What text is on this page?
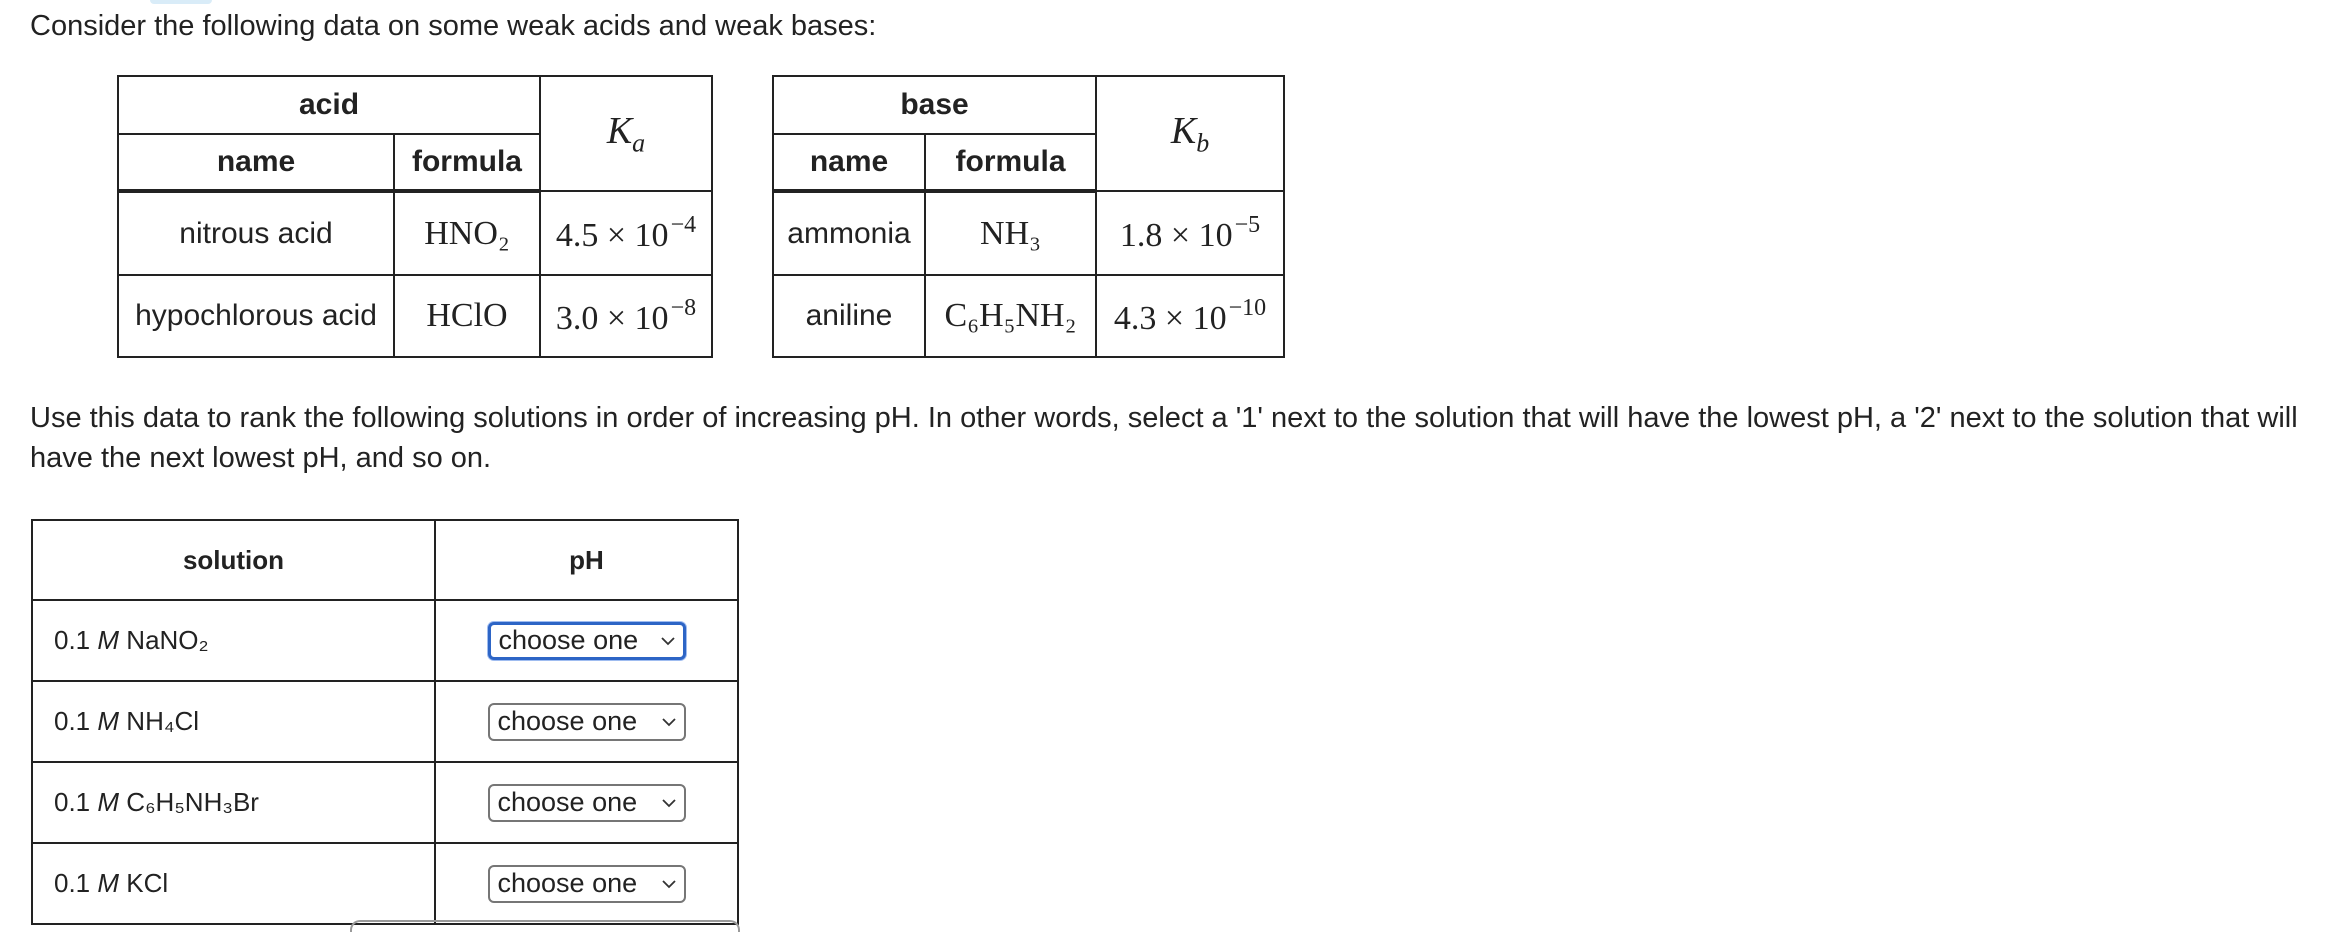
Consider the following data on some weak acids and weak bases:
acid		$K_a$
name	formula	
nitrous acid	HNO₂	$4.5 \times 10^{-4}$
hypochlorous acid	HClO	$3.0 \times 10^{-8}$
base		$K_b$
name	formula	
ammonia	NH₃	$1.8 \times 10^{-5}$
aniline	C₆H₅NH₂	$4.3 \times 10^{-10}$
Use this data to rank the following solutions in order of increasing pH. In other words, select a '1' next to the solution that will have the lowest pH, a '2' next to the solution that will have the next lowest pH, and so on.
solution	pH
0.1 M NaNO₂	choose one

0.1 M NH₄Cl	choose one

0.1 M C₆H₅NH₃Br	choose one

0.1 M KCl	choose one
